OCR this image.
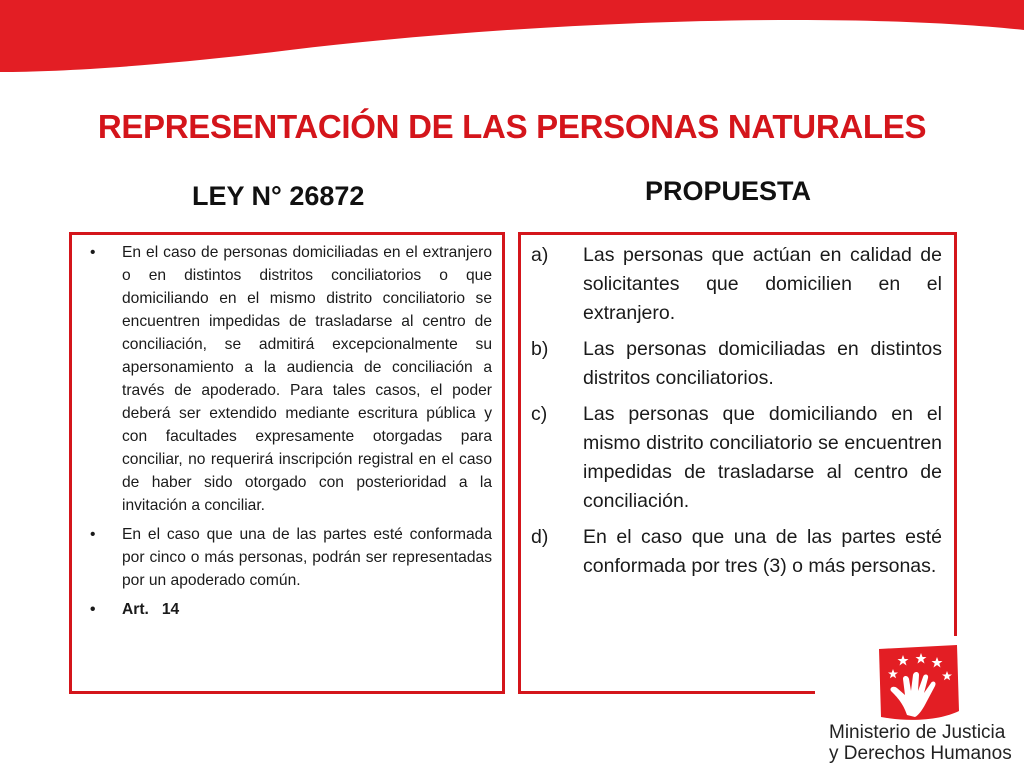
REPRESENTACIÓN DE LAS PERSONAS NATURALES
LEY N° 26872	PROPUESTA
• En el caso de personas domiciliadas en el extranjero o en distintos distritos conciliatorios o que domiciliando en el mismo distrito conciliatorio se encuentren impedidas de trasladarse al centro de conciliación, se admitirá excepcionalmente su apersonamiento a la audiencia de conciliación a través de apoderado. Para tales casos, el poder deberá ser extendido mediante escritura pública y con facultades expresamente otorgadas para conciliar, no requerirá inscripción registral en el caso de haber sido otorgado con posterioridad a la invitación a conciliar.
• En el caso que una de las partes esté conformada por cinco o más personas, podrán ser representadas por un apoderado común.
• Art.   14
a) Las personas que actúan en calidad de solicitantes que domicilien en el extranjero.
b) Las personas domiciliadas en distintos distritos conciliatorios.
c) Las personas que domiciliando en el mismo distrito conciliatorio se encuentren impedidas de trasladarse al centro de conciliación.
d) En el caso que una de las partes esté conformada por tres (3) o más personas.
Ministerio de Justicia
y Derechos Humanos
